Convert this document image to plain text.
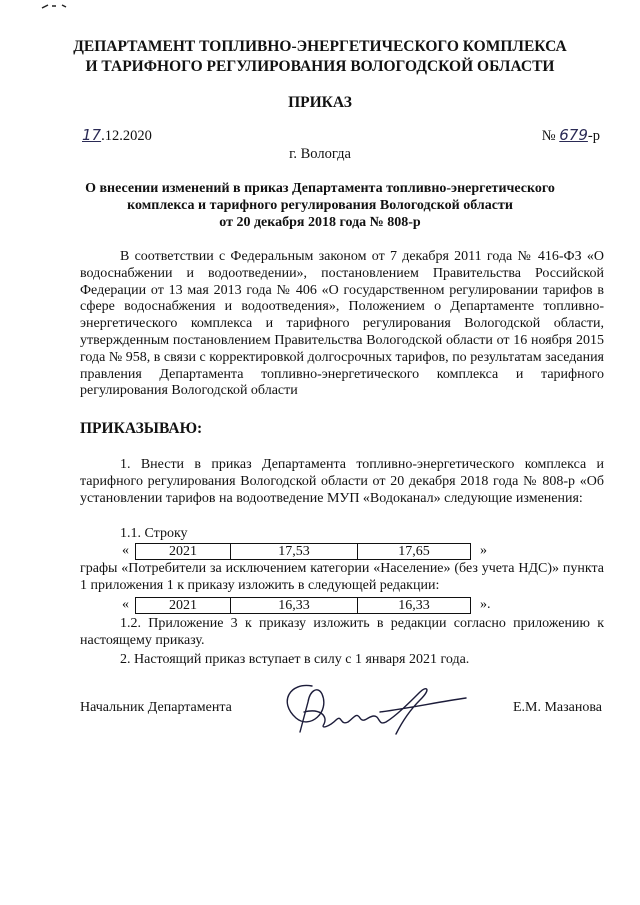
ДЕПАРТАМЕНТ ТОПЛИВНО-ЭНЕРГЕТИЧЕСКОГО КОМПЛЕКСА
И ТАРИФНОГО РЕГУЛИРОВАНИЯ ВОЛОГОДСКОЙ ОБЛАСТИ
ПРИКАЗ
17.12.2020	№ 679-р
г. Вологда
О внесении изменений в приказ Департамента топливно-энергетического
комплекса и тарифного регулирования Вологодской области
от 20 декабря 2018 года № 808-р
В соответствии с Федеральным законом от 7 декабря 2011 года № 416-ФЗ «О водоснабжении и водоотведении», постановлением Правительства Российской Федерации от 13 мая 2013 года № 406 «О государственном регулировании тарифов в сфере водоснабжения и водоотведения», Положением о Департаменте топливно-энергетического комплекса и тарифного регулирования Вологодской области, утвержденным постановлением Правительства Вологодской области от 16 ноября 2015 года № 958, в связи с корректировкой долгосрочных тарифов, по результатам заседания правления Департамента топливно-энергетического комплекса и тарифного регулирования Вологодской области
ПРИКАЗЫВАЮ:
1. Внести в приказ Департамента топливно-энергетического комплекса и тарифного регулирования Вологодской области от 20 декабря 2018 года № 808-р «Об установлении тарифов на водоотведение МУП «Водоканал» следующие изменения:
1.1. Строку
«	2021	17,53	17,65	»
графы «Потребители за исключением категории «Население» (без учета НДС)» пункта 1 приложения 1 к приказу изложить в следующей редакции:
«	2021	16,33	16,33	».
1.2. Приложение 3 к приказу изложить в редакции согласно приложению к настоящему приказу.
2. Настоящий приказ вступает в силу с 1 января 2021 года.
Начальник Департамента	Е.М. Мазанова
